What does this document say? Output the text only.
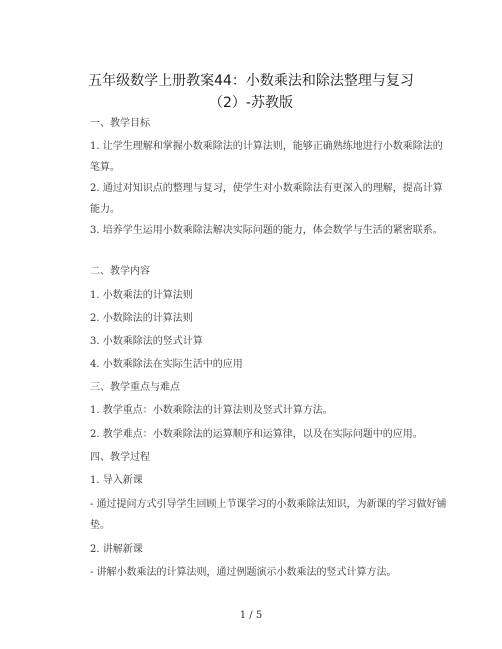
五年级数学上册教案44：小数乘法和除法整理与复习（2）-苏教版
一、教学目标
1. 让学生理解和掌握小数乘除法的计算法则，能够正确熟练地进行小数乘除法的笔算。
2. 通过对知识点的整理与复习，使学生对小数乘除法有更深入的理解，提高计算能力。
3. 培养学生运用小数乘除法解决实际问题的能力，体会数学与生活的紧密联系。
二、教学内容
1. 小数乘法的计算法则
2. 小数除法的计算法则
3. 小数乘除法的竖式计算
4. 小数乘除法在实际生活中的应用
三、教学重点与难点
1. 教学重点：小数乘除法的计算法则及竖式计算方法。
2. 教学难点：小数乘除法的运算顺序和运算律，以及在实际问题中的应用。
四、教学过程
1. 导入新课
- 通过提问方式引导学生回顾上节课学习的小数乘除法知识，为新课的学习做好铺垫。
2. 讲解新课
- 讲解小数乘法的计算法则，通过例题演示小数乘法的竖式计算方法。
1 / 5
